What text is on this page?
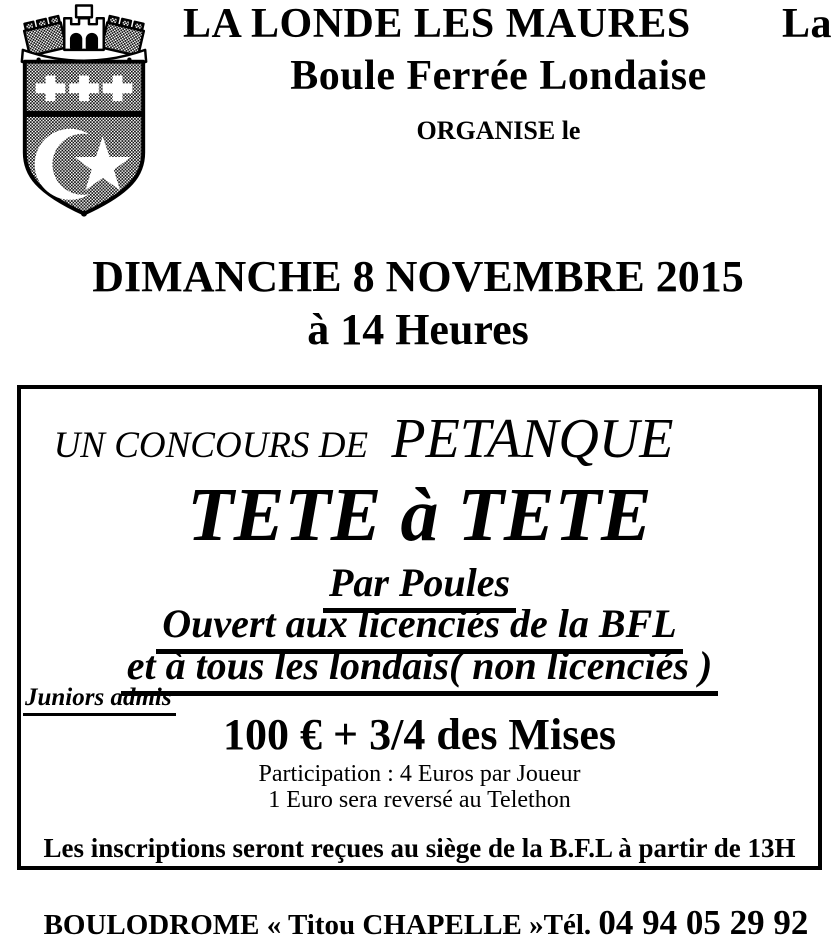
LA LONDE LES MAURES La
Boule Ferrée Londaise
ORGANISE le
DIMANCHE 8 NOVEMBRE 2015
à 14 Heures
UN CONCOURS DE PETANQUE
TETE à TETE
Par Poules
Ouvert aux licenciés de la BFL
et à tous les londais( non licenciés )
Juniors admis
100 € + 3/4 des Mises
Participation : 4 Euros par Joueur
1 Euro sera reversé au Telethon
Les inscriptions seront reçues au siège de la B.F.L à partir de 13H
BOULODROME « Titou CHAPELLE »Tél. 04 94 05 29 92
